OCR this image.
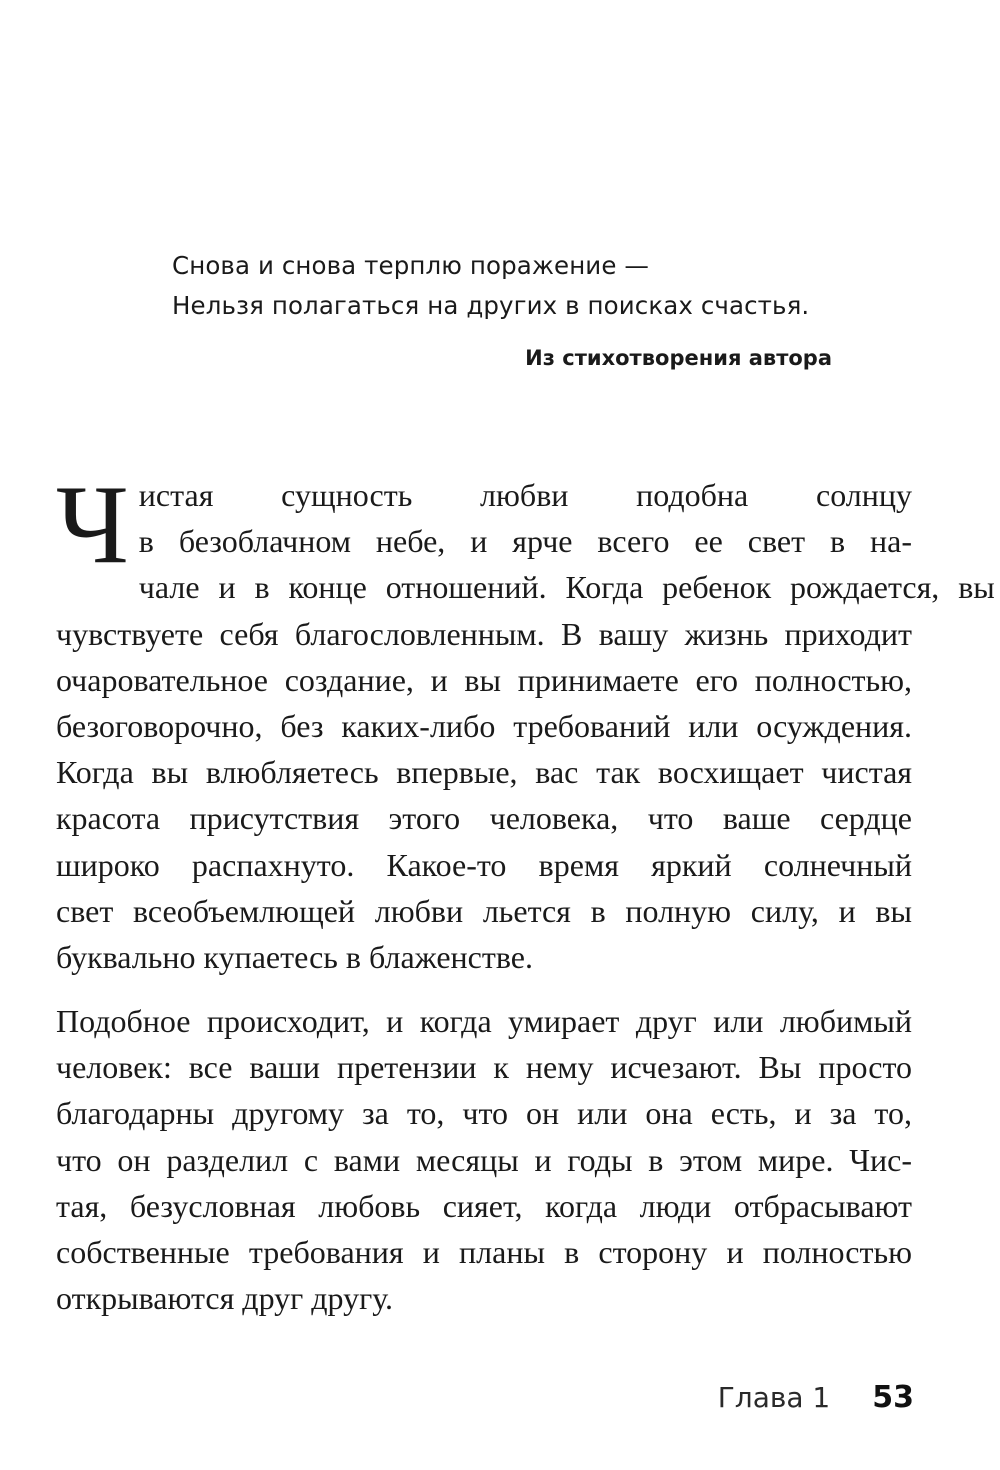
Снова и снова терплю поражение —
Нельзя полагаться на других в поисках счастья.
Из стихотворения автора
Ч истая сущность любви подобна солнцу
в безоблачном небе, и ярче всего ее свет в на-
чале и в конце отношений. Когда ребенок рождается, вы
чувствуете себя благословленным. В вашу жизнь приходит
очаровательное создание, и вы принимаете его полностью,
безоговорочно, без каких-либо требований или осуждения.
Когда вы влюбляетесь впервые, вас так восхищает чистая
красота присутствия этого человека, что ваше сердце
широко распахнуто. Какое-то время яркий солнечный
свет всеобъемлющей любви льется в полную силу, и вы
буквально купаетесь в блаженстве.
Подобное происходит, и когда умирает друг или любимый
человек: все ваши претензии к нему исчезают. Вы просто
благодарны другому за то, что он или она есть, и за то,
что он разделил с вами месяцы и годы в этом мире. Чис-
тая, безусловная любовь сияет, когда люди отбрасывают
собственные требования и планы в сторону и полностью
открываются друг другу.
Глава 1 53
